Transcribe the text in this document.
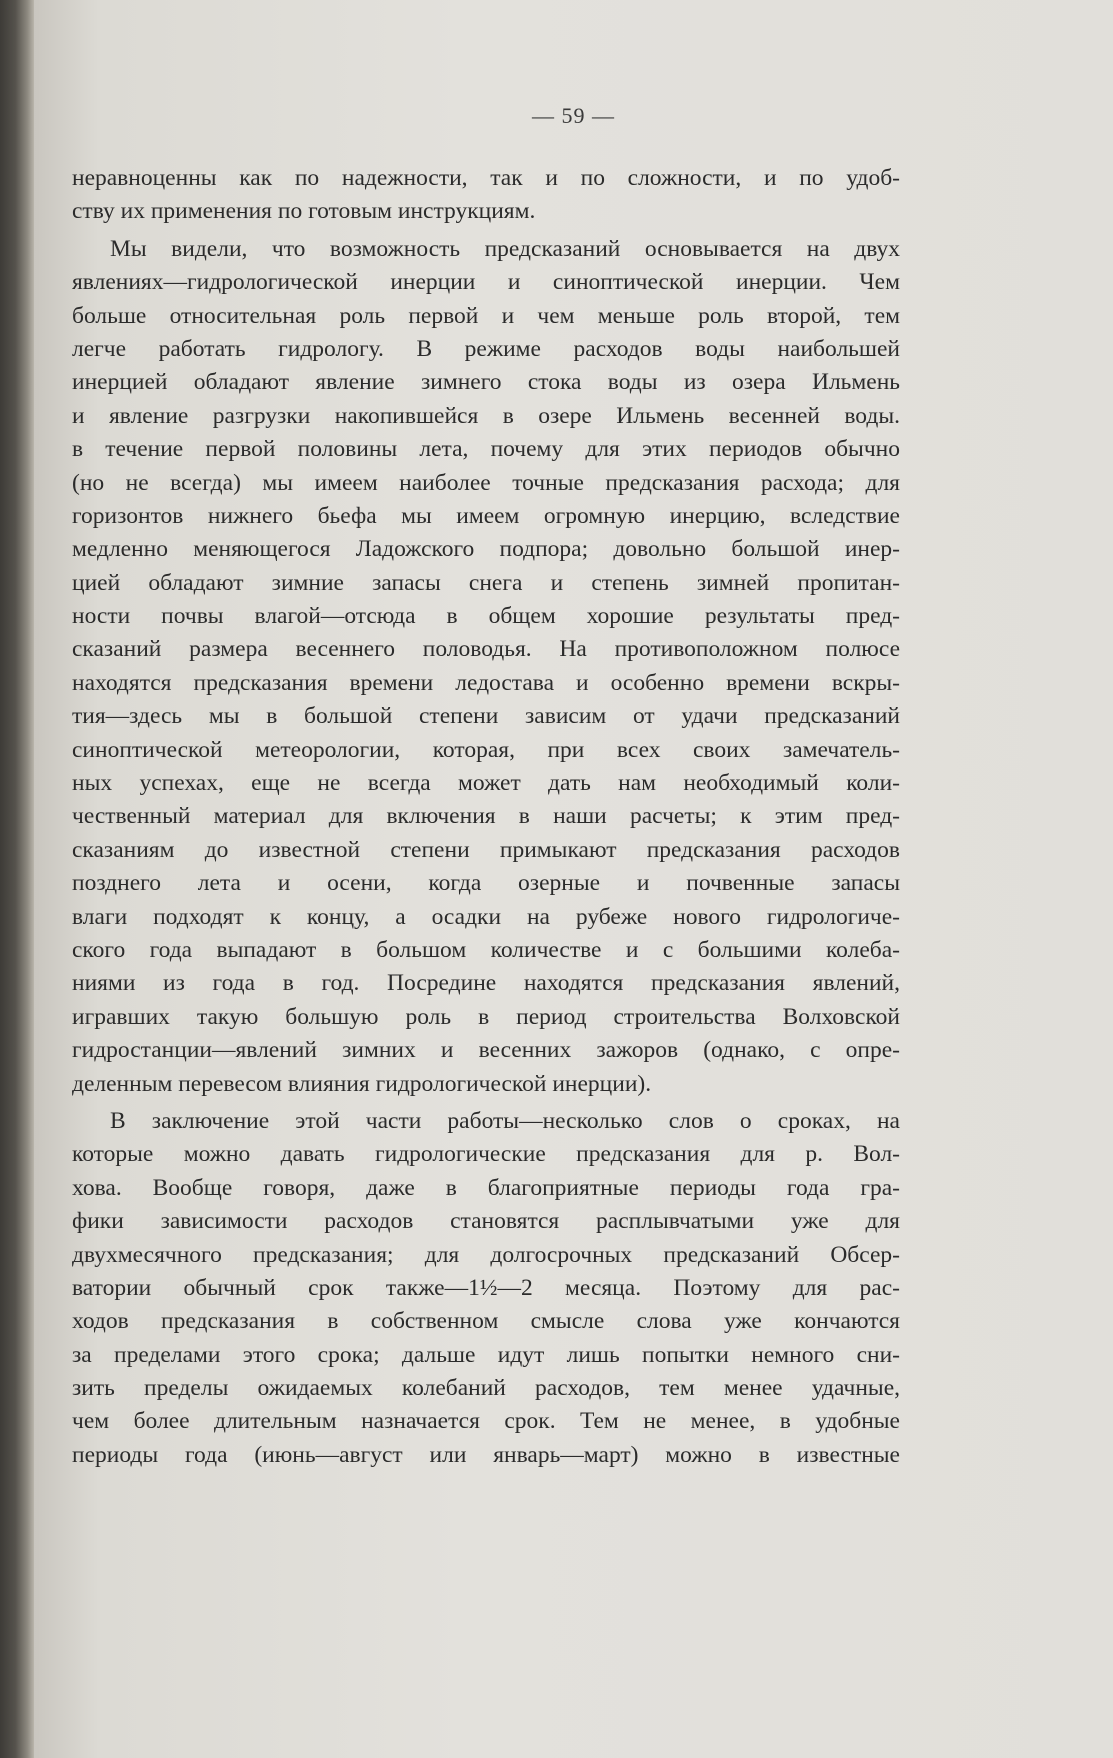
— 59 —
неравноценны как по надежности, так и по сложности, и по удоб-
ству их применения по готовым инструкциям.
Мы видели, что возможность предсказаний основывается на двух
явлениях—гидрологической инерции и синоптической инерции. Чем
больше относительная роль первой и чем меньше роль второй, тем
легче работать гидрологу. В режиме расходов воды наибольшей
инерцией обладают явление зимнего стока воды из озера Ильмень
и явление разгрузки накопившейся в озере Ильмень весенней воды.
в течение первой половины лета, почему для этих периодов обычно
(но не всегда) мы имеем наиболее точные предсказания расхода; для
горизонтов нижнего бьефа мы имеем огромную инерцию, вследствие
медленно меняющегося Ладожского подпора; довольно большой инер-
цией обладают зимние запасы снега и степень зимней пропитан-
ности почвы влагой—отсюда в общем хорошие результаты пред-
сказаний размера весеннего половодья. На противоположном полюсе
находятся предсказания времени ледостава и особенно времени вскры-
тия—здесь мы в большой степени зависим от удачи предсказаний
синоптической метеорологии, которая, при всех своих замечатель-
ных успехах, еще не всегда может дать нам необходимый коли-
чественный материал для включения в наши расчеты; к этим пред-
сказаниям до известной степени примыкают предсказания расходов
позднего лета и осени, когда озерные и почвенные запасы
влаги подходят к концу, а осадки на рубеже нового гидрологиче-
ского года выпадают в большом количестве и с большими колеба-
ниями из года в год. Посредине находятся предсказания явлений,
игравших такую большую роль в период строительства Волховской
гидростанции—явлений зимних и весенних зажоров (однако, с опре-
деленным перевесом влияния гидрологической инерции).
В заключение этой части работы—несколько слов о сроках, на
которые можно давать гидрологические предсказания для р. Вол-
хова. Вообще говоря, даже в благоприятные периоды года гра-
фики зависимости расходов становятся расплывчатыми уже для
двухмесячного предсказания; для долгосрочных предсказаний Обсер-
ватории обычный срок также—1½—2 месяца. Поэтому для рас-
ходов предсказания в собственном смысле слова уже кончаются
за пределами этого срока; дальше идут лишь попытки немного сни-
зить пределы ожидаемых колебаний расходов, тем менее удачные,
чем более длительным назначается срок. Тем не менее, в удобные
периоды года (июнь—август или январь—март) можно в известные
